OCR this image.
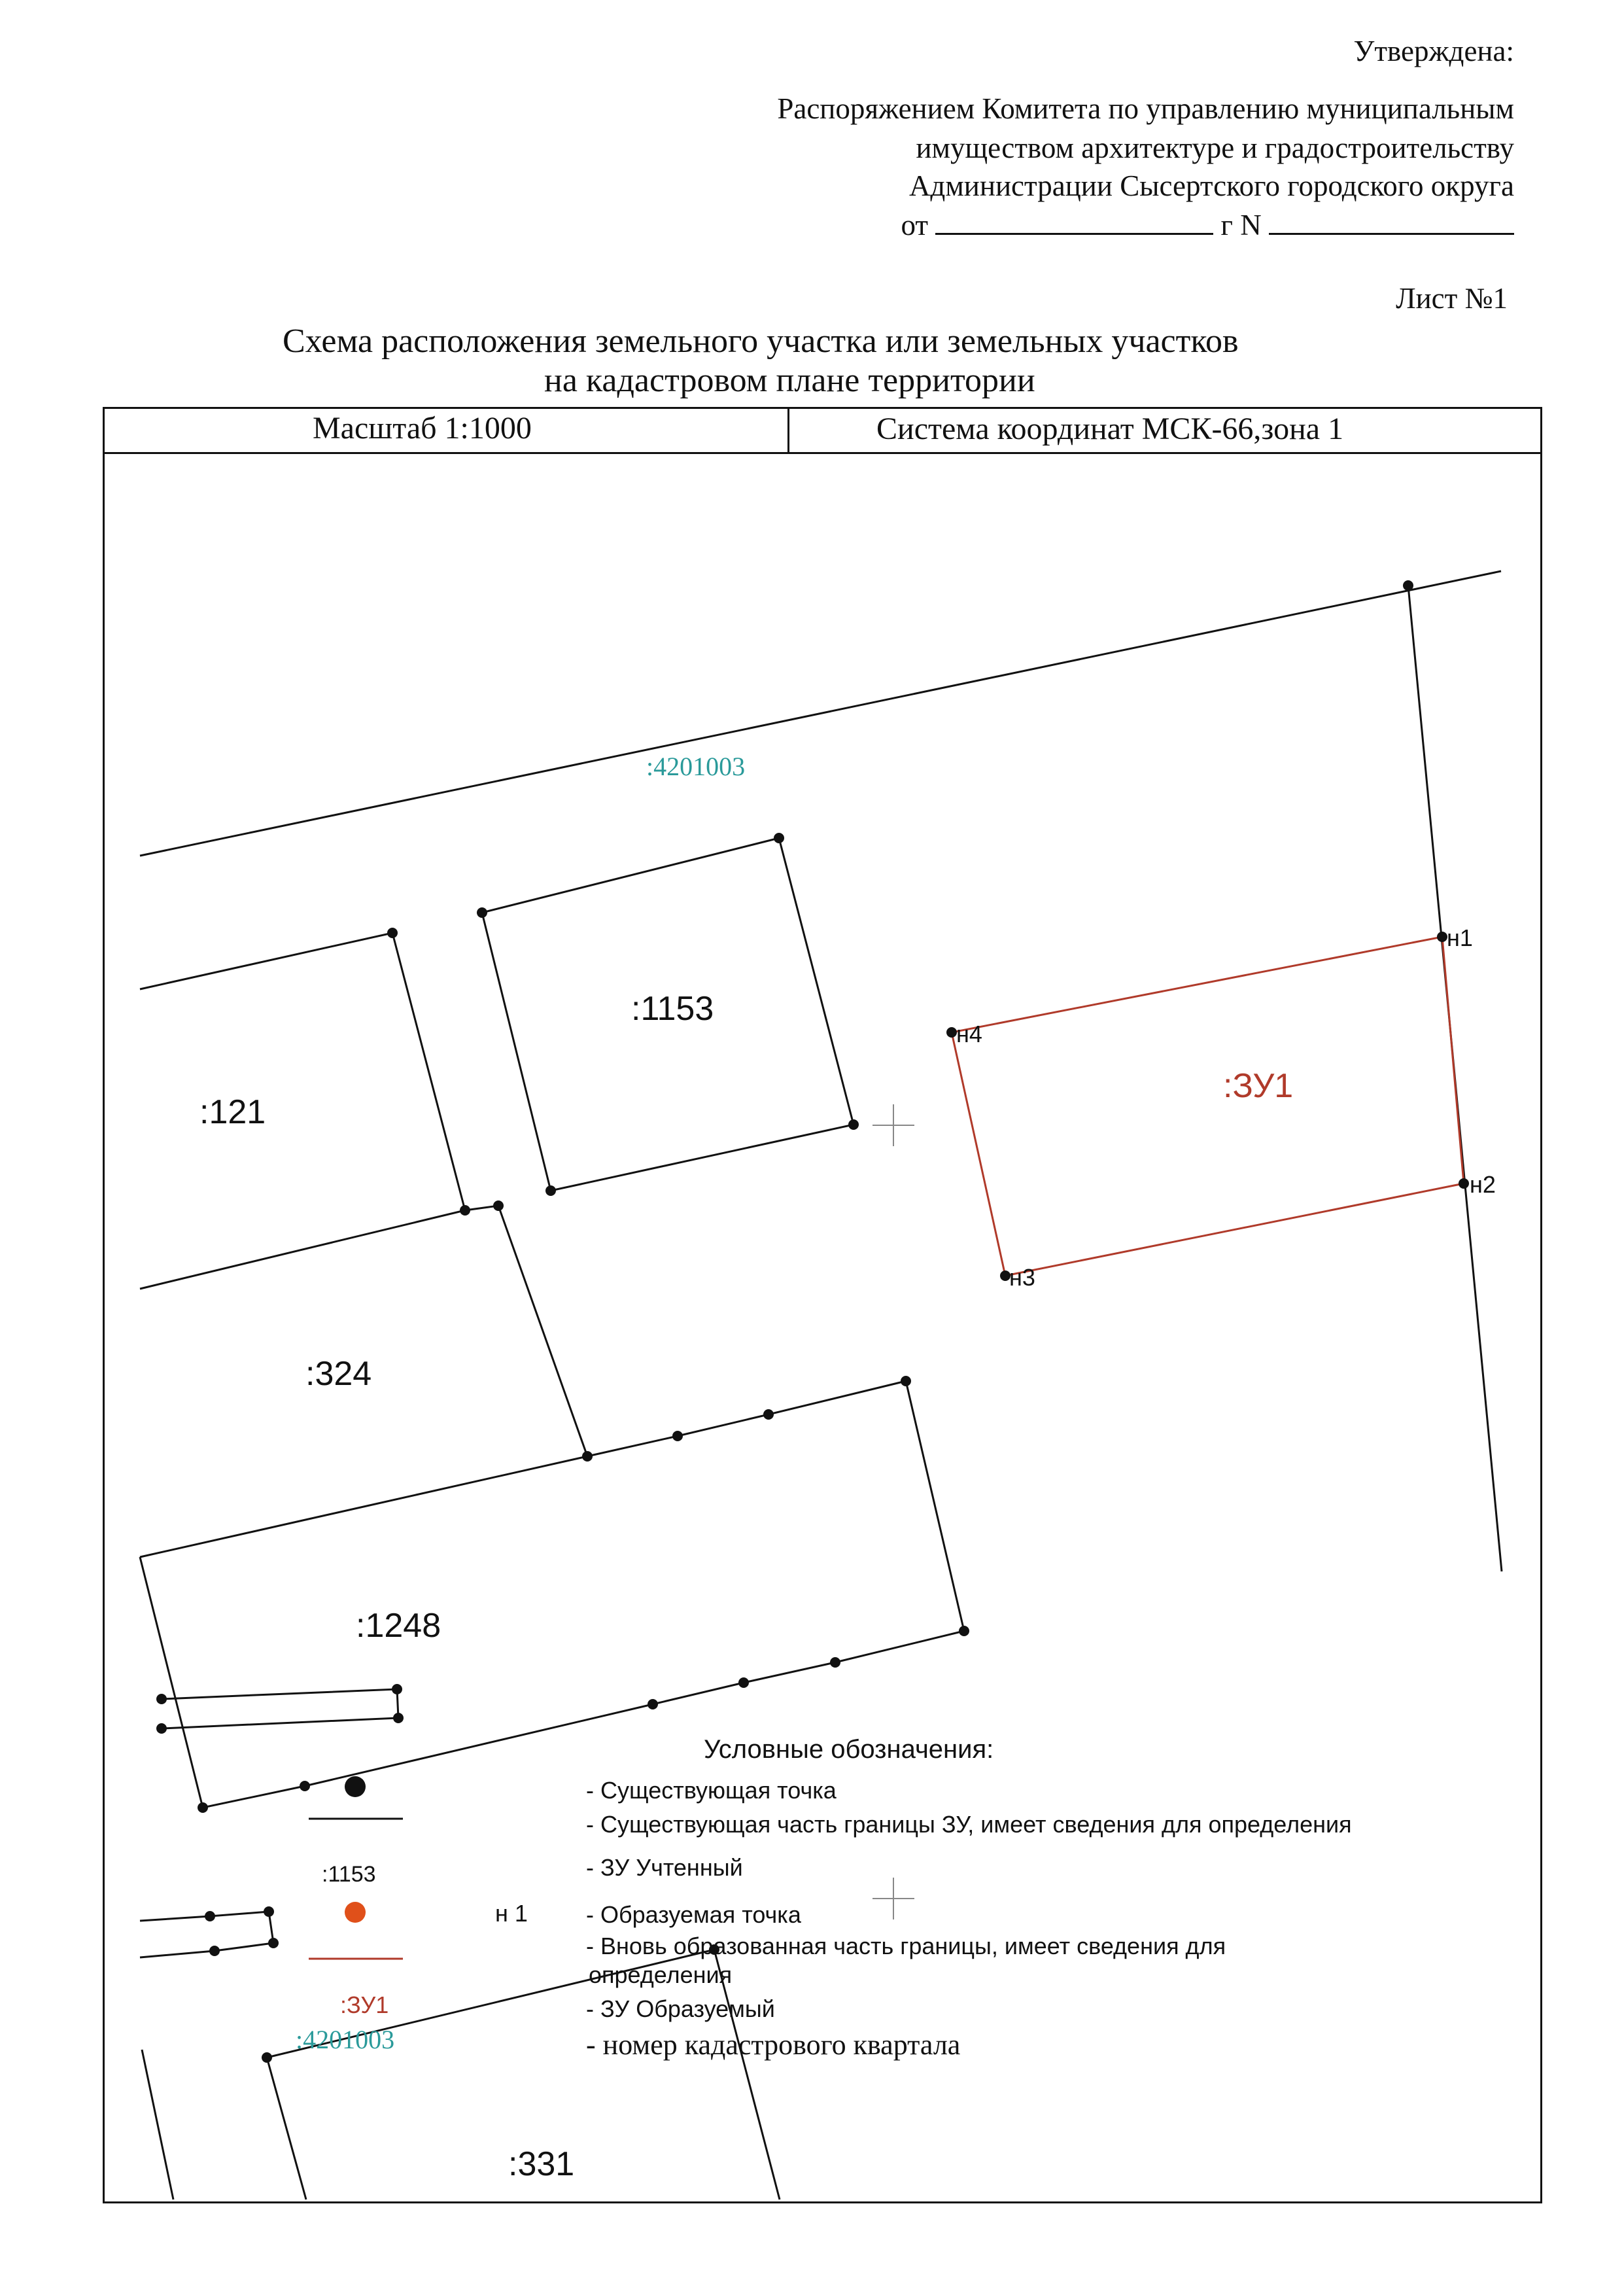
Утверждена:
Распоряжением Комитета по управлению муниципальным
имуществом архитектуре и градостроительству
Администрации Сысертского городского округа
от	г N
Лист №1
Схема расположения земельного участка или земельных участков
на кадастровом плане территории
Масштаб 1:1000	Система координат МСК-66,зона 1
:4201003
:1153
:121
:ЗУ1
:324
:1248
:331
н1
н2
н3
н4
Условные обозначения:
- Существующая точка
- Существующая часть границы ЗУ, имеет сведения для определения
- ЗУ Учтенный
- Образуемая точка
- Вновь образованная часть границы, имеет сведения для
определения
- ЗУ Образуемый
- номер кадастрового квартала
:1153
н 1
:ЗУ1
:4201003
